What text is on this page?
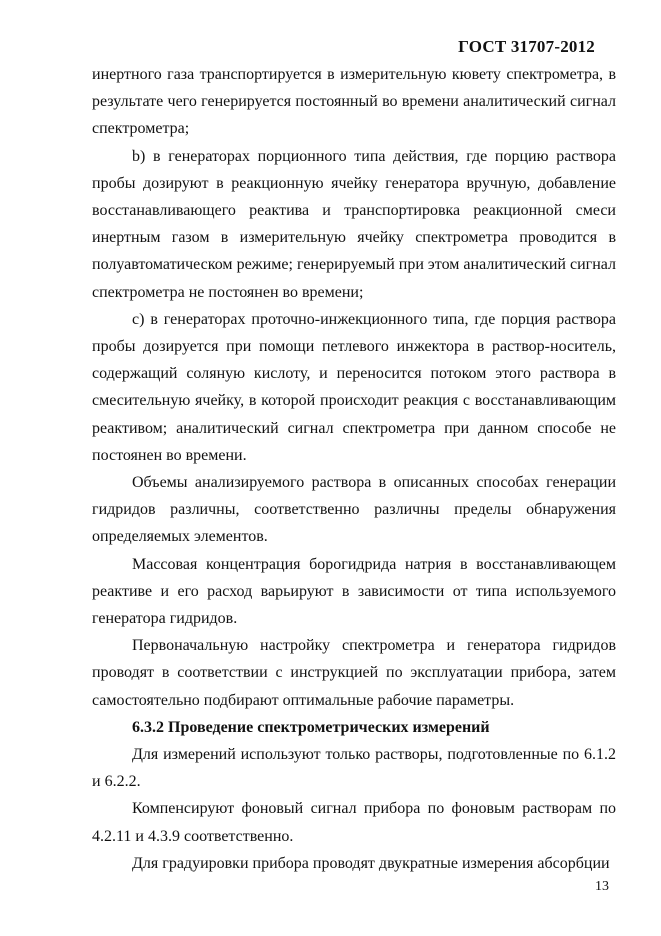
ГОСТ 31707-2012

инертного газа транспортируется в измерительную кювету спектрометра, в результате чего генерируется постоянный во времени аналитический сигнал спектрометра;

b) в генераторах порционного типа действия, где порцию раствора пробы дозируют в реакционную ячейку генератора вручную, добавление восстанавливающего реактива и транспортировка реакционной смеси инертным газом в измерительную ячейку спектрометра проводится в полуавтоматическом режиме; генерируемый при этом аналитический сигнал спектрометра не постоянен во времени;

с) в генераторах проточно-инжекционного типа, где порция раствора пробы дозируется при помощи петлевого инжектора в раствор-носитель, содержащий соляную кислоту, и переносится потоком этого раствора в смесительную ячейку, в которой происходит реакция с восстанавливающим реактивом; аналитический сигнал спектрометра при данном способе не постоянен во времени.

Объемы анализируемого раствора в описанных способах генерации гидридов различны, соответственно различны пределы обнаружения определяемых элементов.

Массовая концентрация борогидрида натрия в восстанавливающем реактиве и его расход варьируют в зависимости от типа используемого генератора гидридов.

Первоначальную настройку спектрометра и генератора гидридов проводят в соответствии с инструкцией по эксплуатации прибора, затем самостоятельно подбирают оптимальные рабочие параметры.

6.3.2 Проведение спектрометрических измерений

Для измерений используют только растворы, подготовленные по 6.1.2 и 6.2.2.

Компенсируют фоновый сигнал прибора по фоновым растворам по 4.2.11 и 4.3.9 соответственно.

Для градуировки прибора проводят двукратные измерения абсорбции

13
